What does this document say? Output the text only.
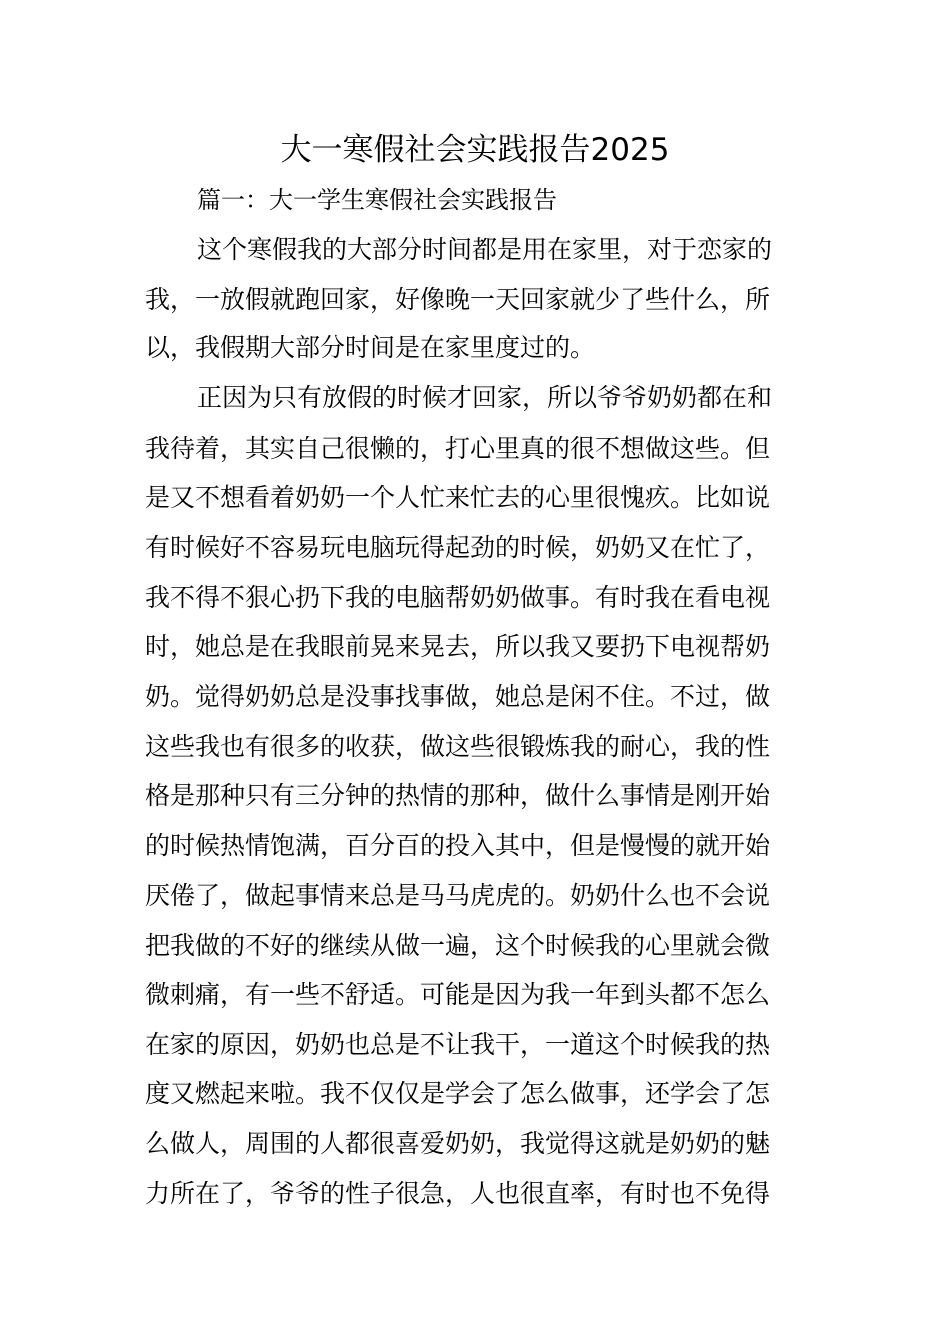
大一寒假社会实践报告2025

篇一：大一学生寒假社会实践报告

这个寒假我的大部分时间都是用在家里，对于恋家的

我，一放假就跑回家，好像晚一天回家就少了些什么，所

以，我假期大部分时间是在家里度过的。

正因为只有放假的时候才回家，所以爷爷奶奶都在和

我待着，其实自己很懒的，打心里真的很不想做这些。但

是又不想看着奶奶一个人忙来忙去的心里很愧疚。比如说

有时候好不容易玩电脑玩得起劲的时候，奶奶又在忙了，

我不得不狠心扔下我的电脑帮奶奶做事。有时我在看电视

时，她总是在我眼前晃来晃去，所以我又要扔下电视帮奶

奶。觉得奶奶总是没事找事做，她总是闲不住。不过，做

这些我也有很多的收获，做这些很锻炼我的耐心，我的性

格是那种只有三分钟的热情的那种，做什么事情是刚开始

的时候热情饱满，百分百的投入其中，但是慢慢的就开始

厌倦了，做起事情来总是马马虎虎的。奶奶什么也不会说

把我做的不好的继续从做一遍，这个时候我的心里就会微

微刺痛，有一些不舒适。可能是因为我一年到头都不怎么

在家的原因，奶奶也总是不让我干，一道这个时候我的热

度又燃起来啦。我不仅仅是学会了怎么做事，还学会了怎

么做人，周围的人都很喜爱奶奶，我觉得这就是奶奶的魅

力所在了，爷爷的性子很急，人也很直率，有时也不免得
